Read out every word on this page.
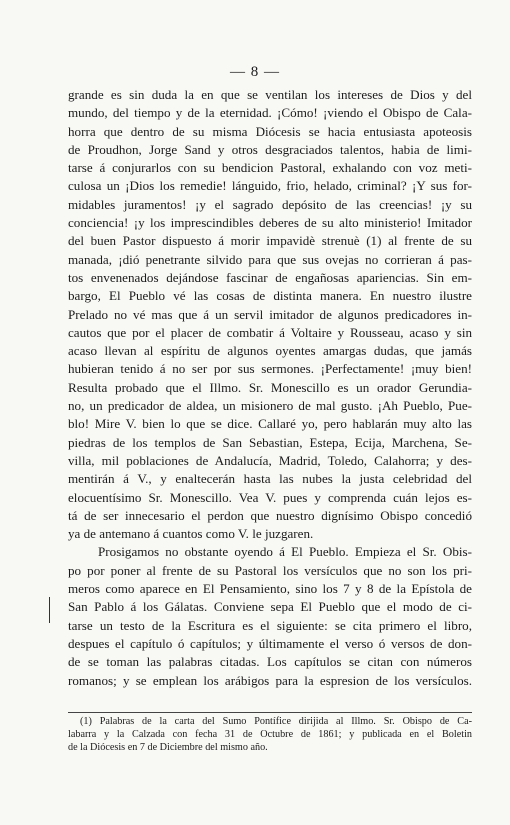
— 8 —
grande es sin duda la en que se ventilan los intereses de Dios y del
mundo, del tiempo y de la eternidad. ¡Cómo! ¡viendo el Obispo de Cala-
horra que dentro de su misma Diócesis se hacia entusiasta apoteosis
de Proudhon, Jorge Sand y otros desgraciados talentos, habia de limi-
tarse á conjurarlos con su bendicion Pastoral, exhalando con voz meti-
culosa un ¡Dios los remedie! lánguido, frio, helado, criminal? ¡Y sus for-
midables juramentos! ¡y el sagrado depósito de las creencias! ¡y su
conciencia! ¡y los imprescindibles deberes de su alto ministerio! Imitador
del buen Pastor dispuesto á morir impavidè strenuè (1) al frente de su
manada, ¡dió penetrante silvido para que sus ovejas no corrieran á pas-
tos envenenados dejándose fascinar de engañosas apariencias. Sin em-
bargo, El Pueblo vé las cosas de distinta manera. En nuestro ilustre
Prelado no vé mas que á un servil imitador de algunos predicadores in-
cautos que por el placer de combatir á Voltaire y Rousseau, acaso y sin
acaso llevan al espíritu de algunos oyentes amargas dudas, que jamás
hubieran tenido á no ser por sus sermones. ¡Perfectamente! ¡muy bien!
Resulta probado que el Illmo. Sr. Monescillo es un orador Gerundia-
no, un predicador de aldea, un misionero de mal gusto. ¡Ah Pueblo, Pue-
blo! Mire V. bien lo que se dice. Callaré yo, pero hablarán muy alto las
piedras de los templos de San Sebastian, Estepa, Ecija, Marchena, Se-
villa, mil poblaciones de Andalucía, Madrid, Toledo, Calahorra; y des-
mentirán á V., y enaltecerán hasta las nubes la justa celebridad del
elocuentísimo Sr. Monescillo. Vea V. pues y comprenda cuán lejos es-
tá de ser innecesario el perdon que nuestro dignísimo Obispo concedió
ya de antemano á cuantos como V. le juzgaren.
Prosigamos no obstante oyendo á El Pueblo. Empieza el Sr. Obis-
po por poner al frente de su Pastoral los versículos que no son los pri-
meros como aparece en El Pensamiento, sino los 7 y 8 de la Epístola de
San Pablo á los Gálatas. Conviene sepa El Pueblo que el modo de ci-
tarse un testo de la Escritura es el siguiente: se cita primero el libro,
despues el capítulo ó capítulos; y últimamente el verso ó versos de don-
de se toman las palabras citadas. Los capítulos se citan con números
romanos; y se emplean los arábigos para la espresion de los versículos.
(1) Palabras de la carta del Sumo Pontífice dirijida al Illmo. Sr. Obispo de Ca-
labarra y la Calzada con fecha 31 de Octubre de 1861; y publicada en el Boletin
de la Diócesis en 7 de Diciembre del mismo año.
